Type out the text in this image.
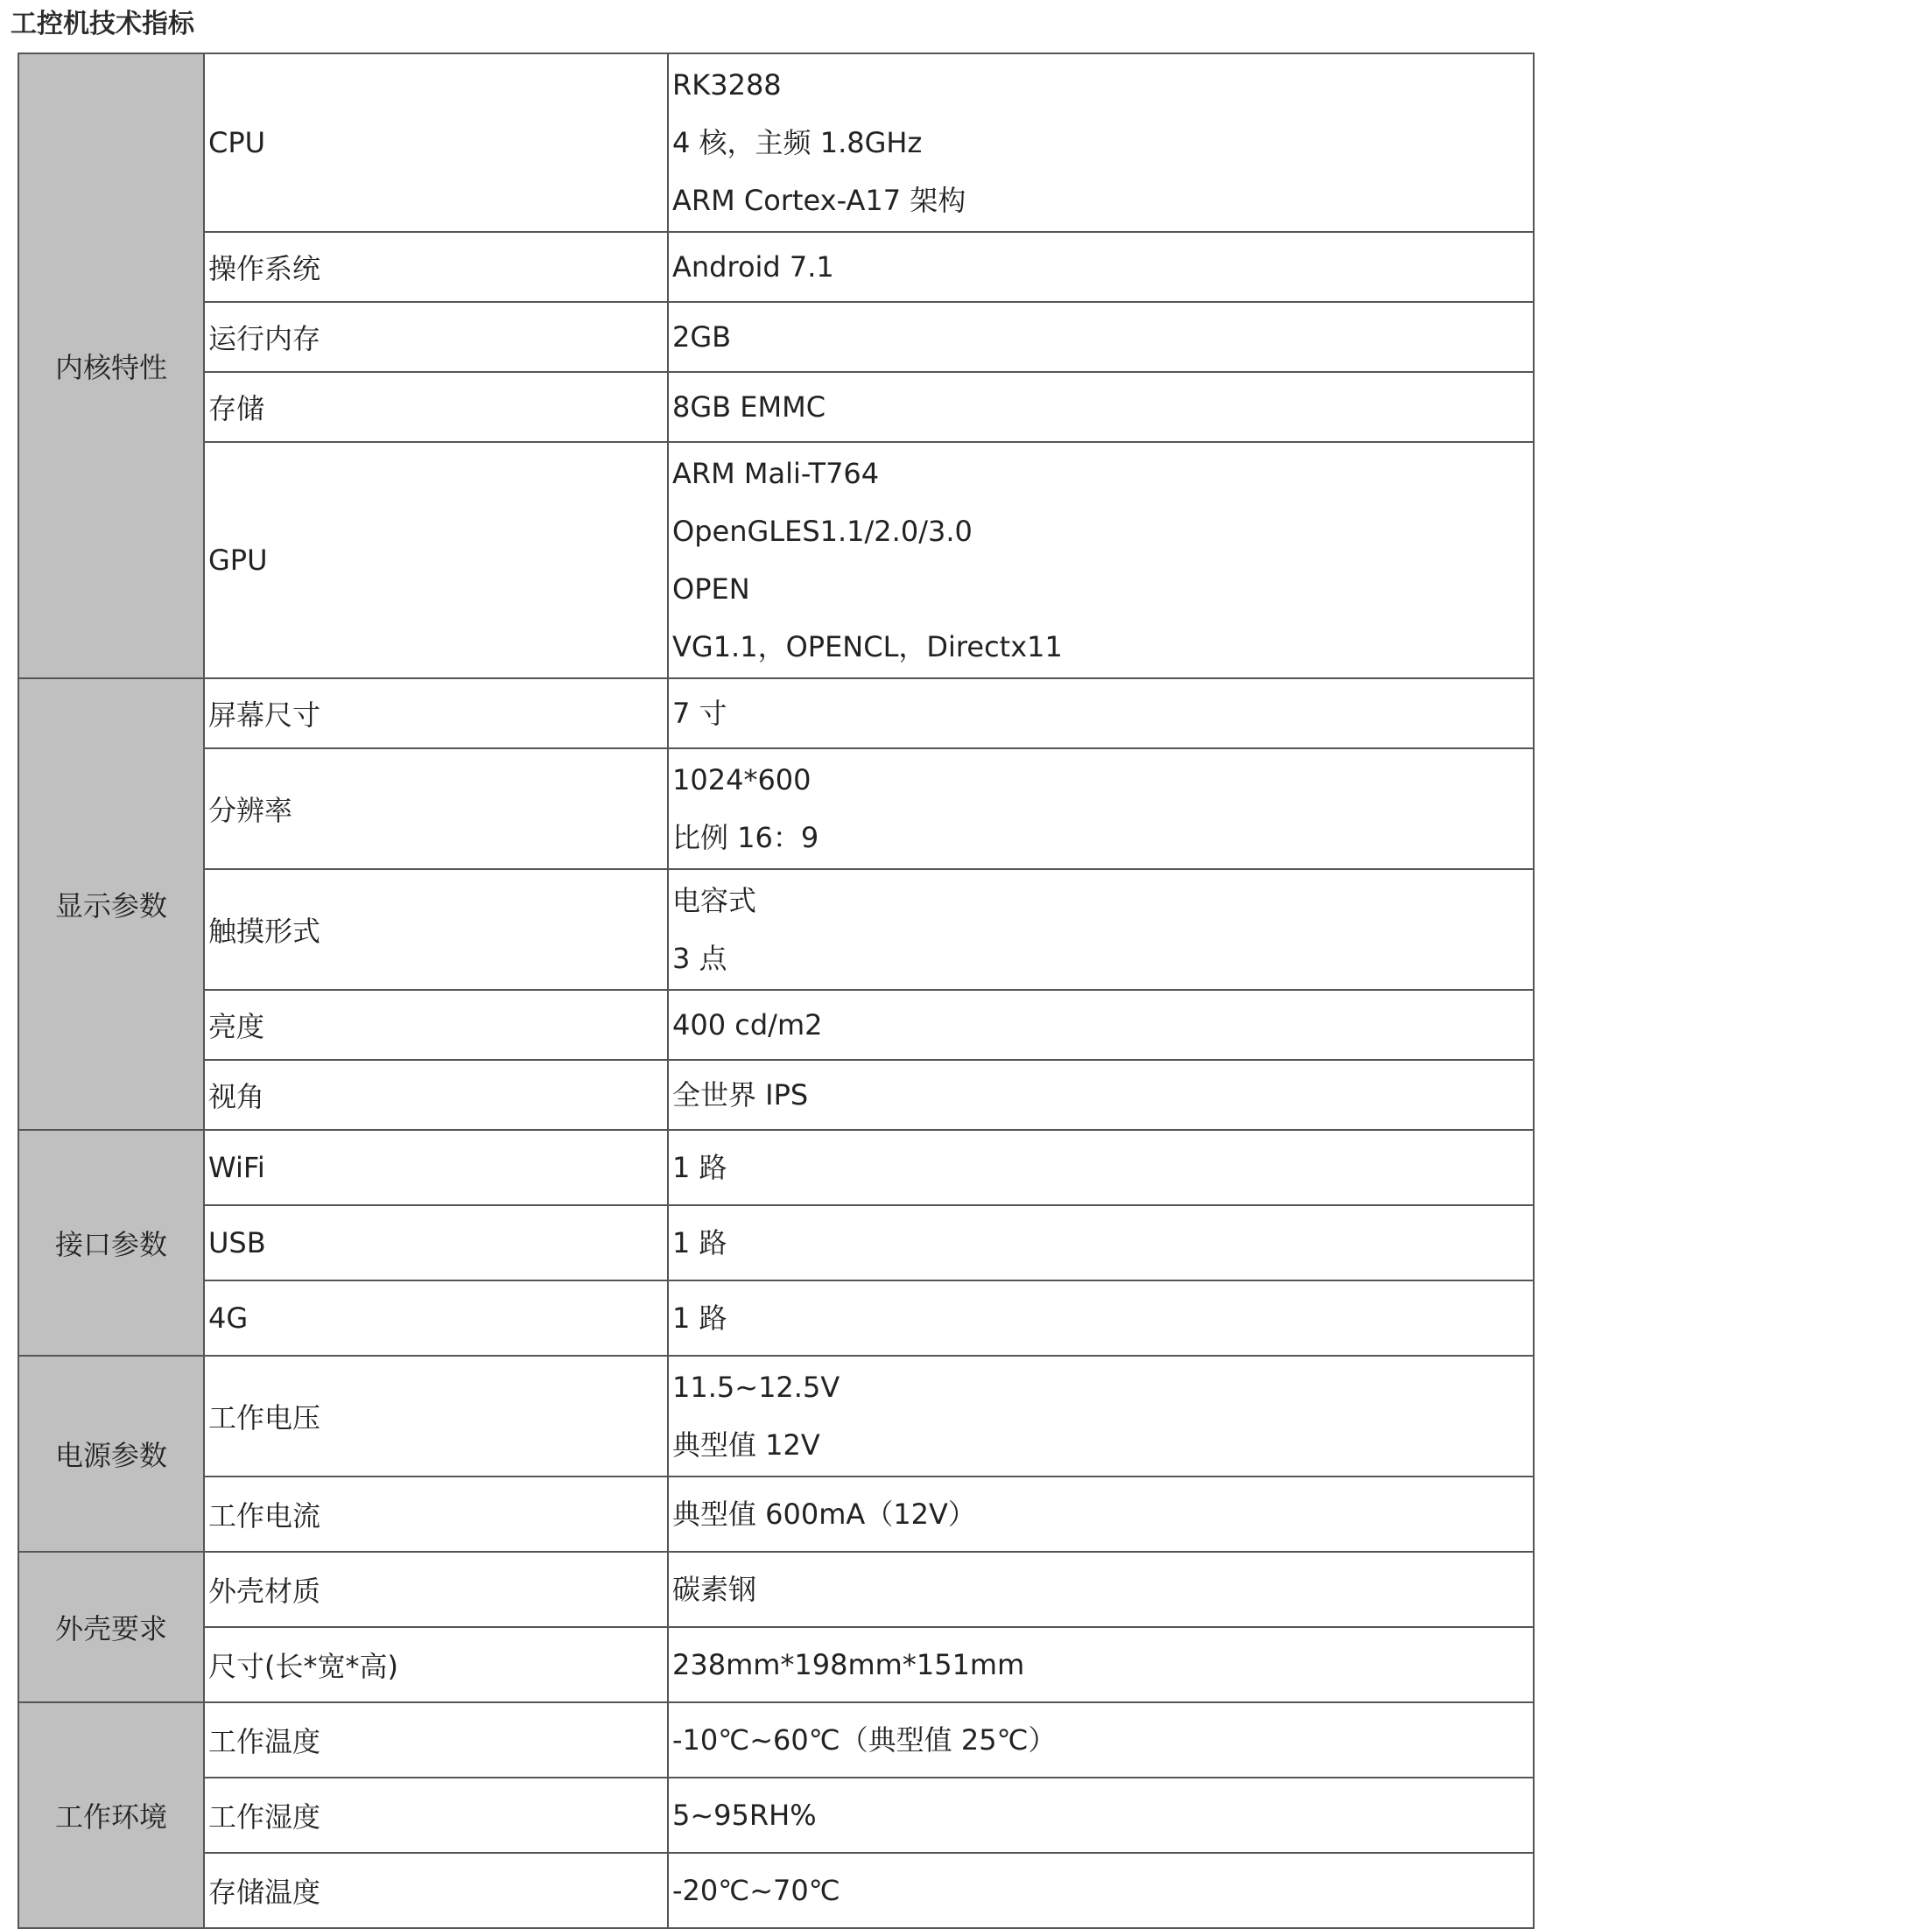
工控机技术指标
内核特性	CPU	RK3288
4 核，主频 1.8GHz
ARM Cortex-A17 架构

	操作系统	Android 7.1

	运行内存	2GB

	存储	8GB EMMC

	GPU	ARM Mali-T764
OpenGLES1.1/2.0/3.0
OPEN
VG1.1，OPENCL，Directx11

显示参数	屏幕尺寸	7 寸

	分辨率	1024*600
比例 16：9

	触摸形式	电容式
3 点

	亮度	400 cd/m2

	视角	全世界 IPS

接口参数	WiFi	1 路

	USB	1 路

	4G	1 路

电源参数	工作电压	11.5~12.5V
典型值 12V

	工作电流	典型值 600mA（12V）

外壳要求	外壳材质	碳素钢

	尺寸(长*宽*高)	238mm*198mm*151mm

工作环境	工作温度	-10℃~60℃（典型值 25℃）

	工作湿度	5~95RH%

	存储温度	-20℃~70℃
